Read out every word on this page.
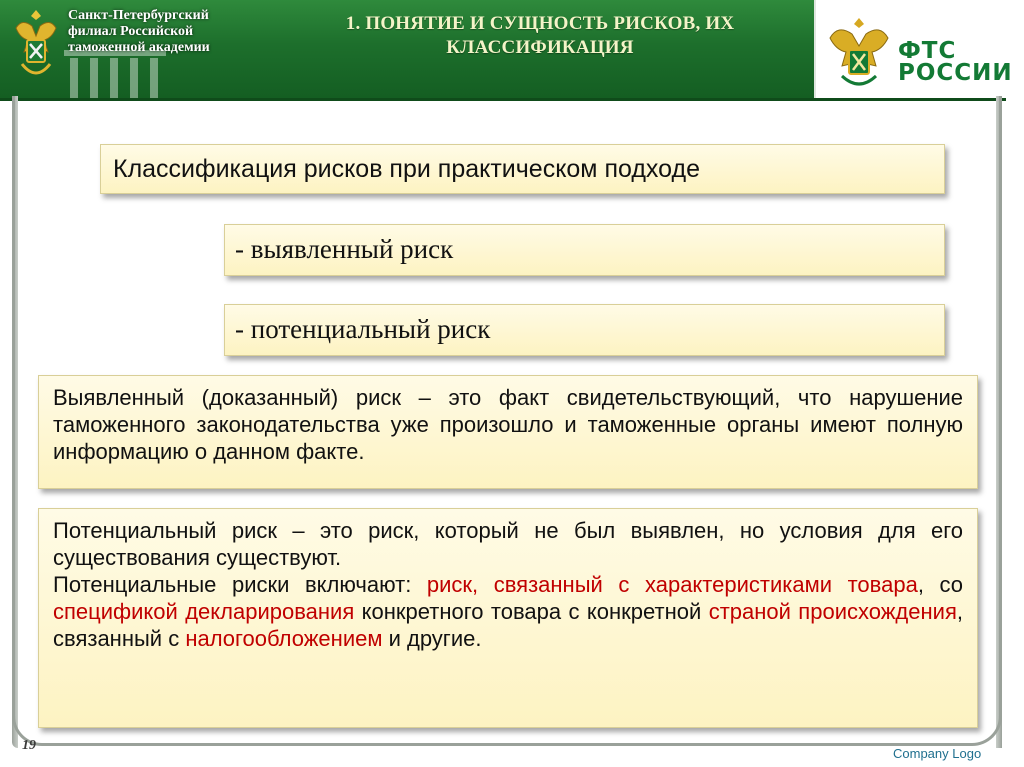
Санкт-Петербургский филиал Российской таможенной академии
1. ПОНЯТИЕ И СУЩНОСТЬ РИСКОВ, ИХ КЛАССИФИКАЦИЯ	ФТС РОССИИ
Классификация рисков при практическом подходе
- выявленный риск
- потенциальный риск
Выявленный (доказанный) риск – это факт свидетельствующий, что нарушение таможенного законодательства уже произошло и таможенные органы имеют полную информацию о данном факте.
Потенциальный риск – это риск, который не был выявлен, но условия для его существования существуют.
Потенциальные риски включают: риск, связанный с характеристиками товара, со спецификой декларирования конкретного товара с конкретной страной происхождения, связанный с налогообложением и другие.
19
Company Logo
